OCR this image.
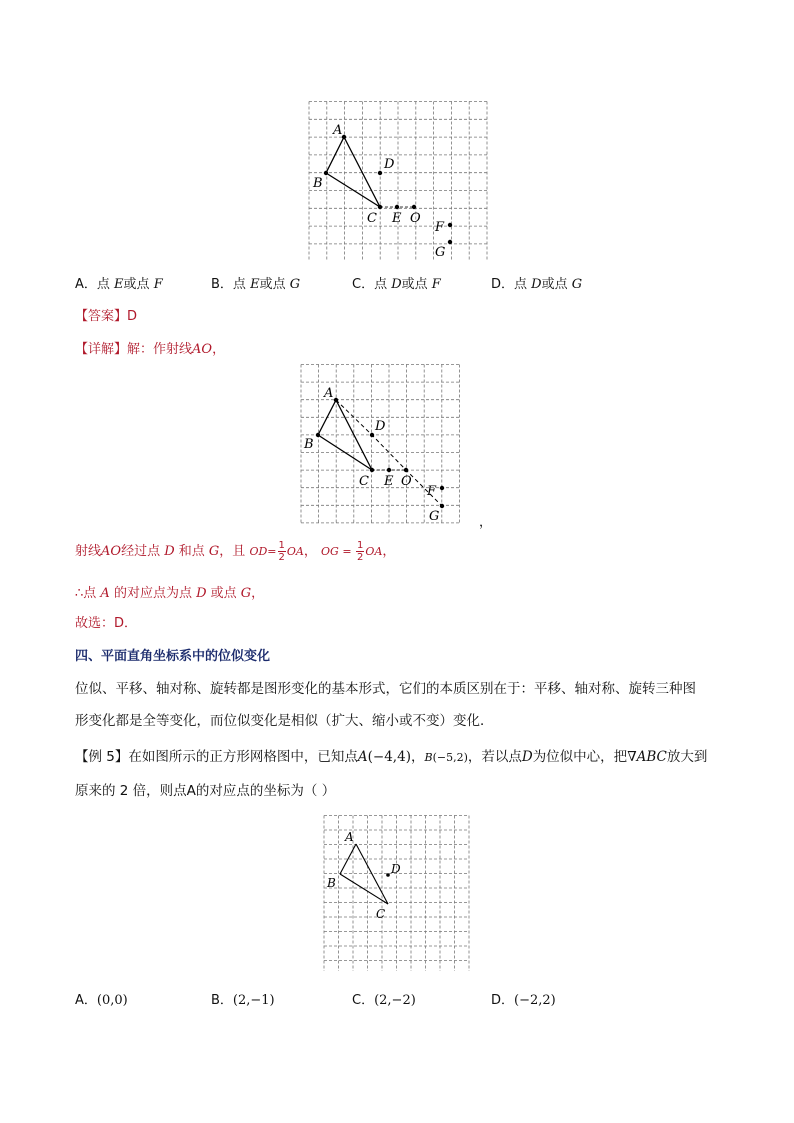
A
B
C
D
E O
F
G
A．点 E或点 F	B．点 E或点 G	C．点 D或点 F	D．点 D或点 G
【答案】D
【详解】解：作射线AO，
A
B
C
D
E O
F
G	，
射线AO经过点 D 和点 G，且 $OD= \frac{1}{2}$ OA， OG = $\frac{1}{2}$ OA，
∴点 A 的对应点为点 D 或点 G，
故选：D．
四、平面直角坐标系中的位似变化
位似、平移、轴对称、旋转都是图形变化的基本形式，它们的本质区别在于：平移、轴对称、旋转三种图
形变化都是全等变化，而位似变化是相似（扩大、缩小或不变）变化．
【例 5】在如图所示的正方形网格图中，已知点A(−4,4)，B(−5,2)，若以点D为位似中心，把∇ABC放大到
原来的 2 倍，则点A的对应点的坐标为（ ）
A
B
C
D
A．(0,0)	B．(2,−1)	C．(2,−2)	D．(−2,2)
